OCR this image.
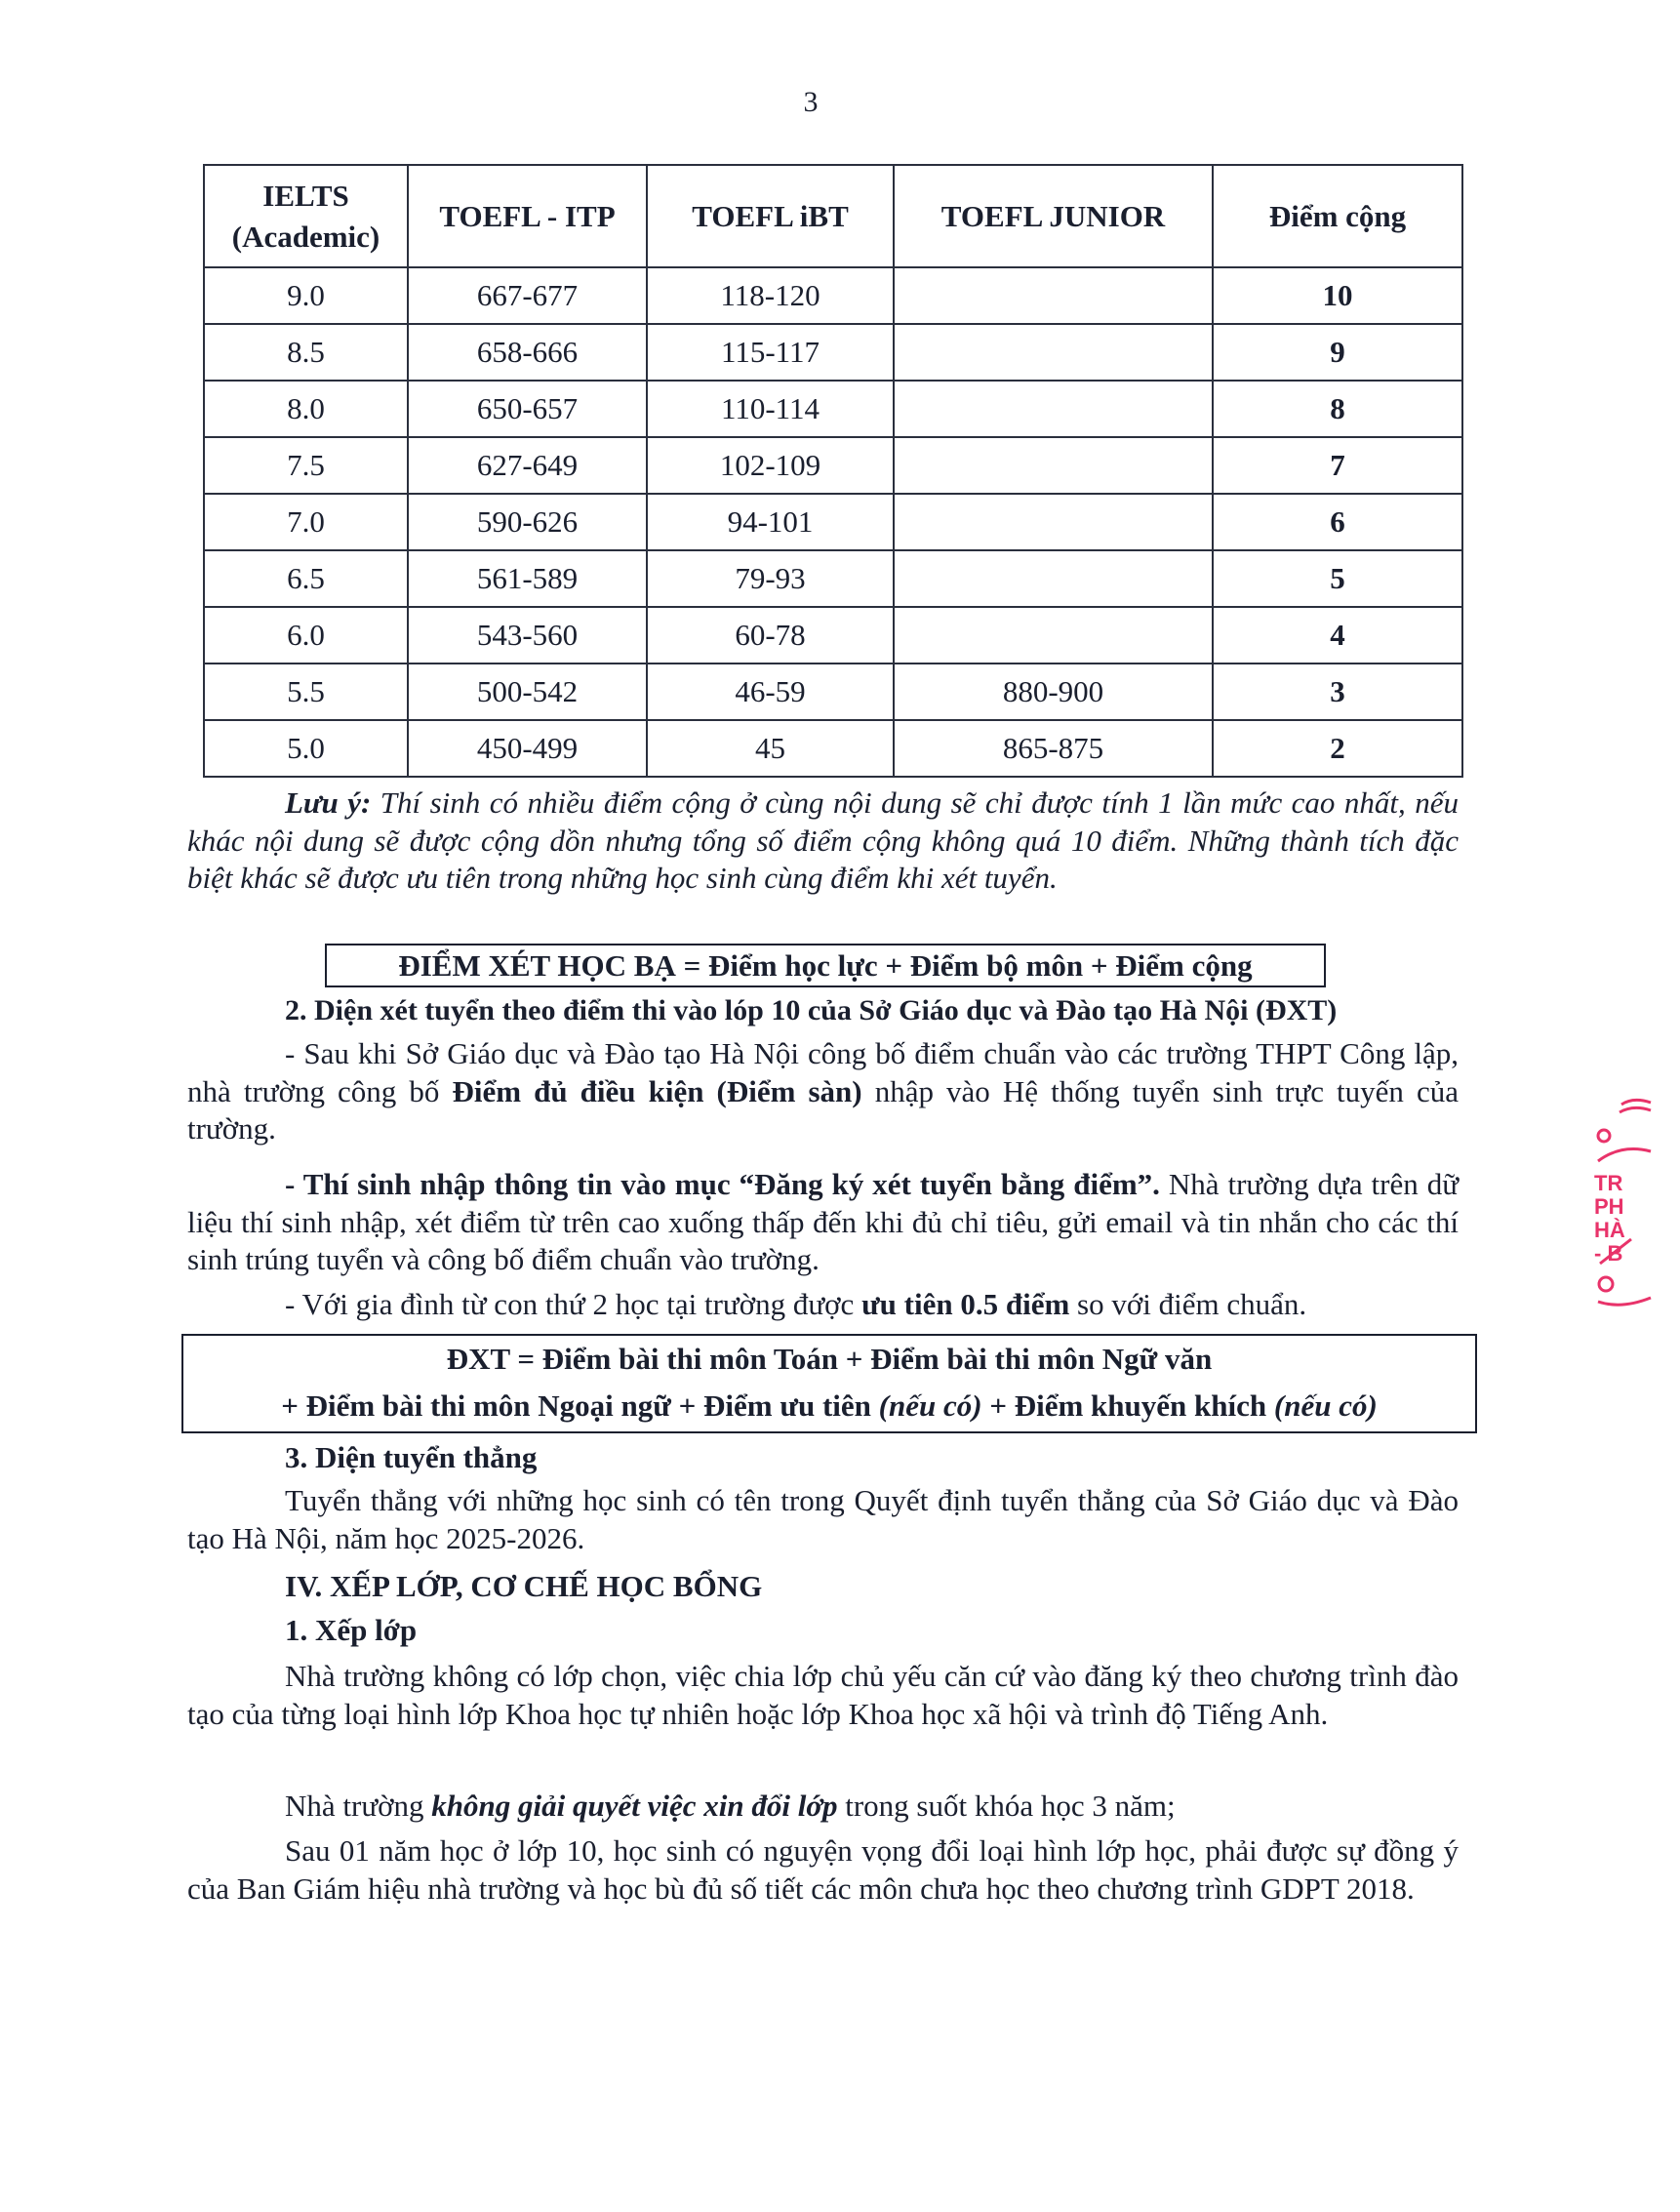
3
IELTS
(Academic)	TOEFL - ITP	TOEFL iBT	TOEFL JUNIOR	Điểm cộng
9.0	667-677	118-120		10
8.5	658-666	115-117		9
8.0	650-657	110-114		8
7.5	627-649	102-109		7
7.0	590-626	94-101		6
6.5	561-589	79-93		5
6.0	543-560	60-78		4
5.5	500-542	46-59	880-900	3
5.0	450-499	45	865-875	2
Lưu ý: Thí sinh có nhiều điểm cộng ở cùng nội dung sẽ chỉ được tính 1 lần mức cao nhất, nếu khác nội dung sẽ được cộng dồn nhưng tổng số điểm cộng không quá 10 điểm. Những thành tích đặc biệt khác sẽ được ưu tiên trong những học sinh cùng điểm khi xét tuyển.
ĐIỂM XÉT HỌC BẠ = Điểm học lực + Điểm bộ môn + Điểm cộng
2. Diện xét tuyển theo điểm thi vào lóp 10 của Sở Giáo dục và Đào tạo Hà Nội (ĐXT)
- Sau khi Sở Giáo dục và Đào tạo Hà Nội công bố điểm chuẩn vào các trường THPT Công lập, nhà trường công bố Điểm đủ điều kiện (Điểm sàn) nhập vào Hệ thống tuyển sinh trực tuyến của trường.
- Thí sinh nhập thông tin vào mục “Đăng ký xét tuyển bằng điểm”. Nhà trường dựa trên dữ liệu thí sinh nhập, xét điểm từ trên cao xuống thấp đến khi đủ chỉ tiêu, gửi email và tin nhắn cho các thí sinh trúng tuyển và công bố điểm chuẩn vào trường.
- Với gia đình từ con thứ 2 học tại trường được ưu tiên 0.5 điểm so với điểm chuẩn.
ĐXT = Điểm bài thi môn Toán + Điểm bài thi môn Ngữ văn
+ Điểm bài thi môn Ngoại ngữ + Điểm ưu tiên (nếu có) + Điểm khuyến khích (nếu có)
3. Diện tuyển thẳng
Tuyển thẳng với những học sinh có tên trong Quyết định tuyển thẳng của Sở Giáo dục và Đào tạo Hà Nội, năm học 2025-2026.
IV. XẾP LỚP, CƠ CHẾ HỌC BỔNG
1. Xếp lớp
Nhà trường không có lớp chọn, việc chia lớp chủ yếu căn cứ vào đăng ký theo chương trình đào tạo của từng loại hình lớp Khoa học tự nhiên hoặc lớp Khoa học xã hội và trình độ Tiếng Anh.
Nhà trường không giải quyết việc xin đổi lớp trong suốt khóa học 3 năm;
Sau 01 năm học ở lớp 10, học sinh có nguyện vọng đổi loại hình lớp học, phải được sự đồng ý của Ban Giám hiệu nhà trường và học bù đủ số tiết các môn chưa học theo chương trình GDPT 2018.
TR
PH
HÀ
- B
